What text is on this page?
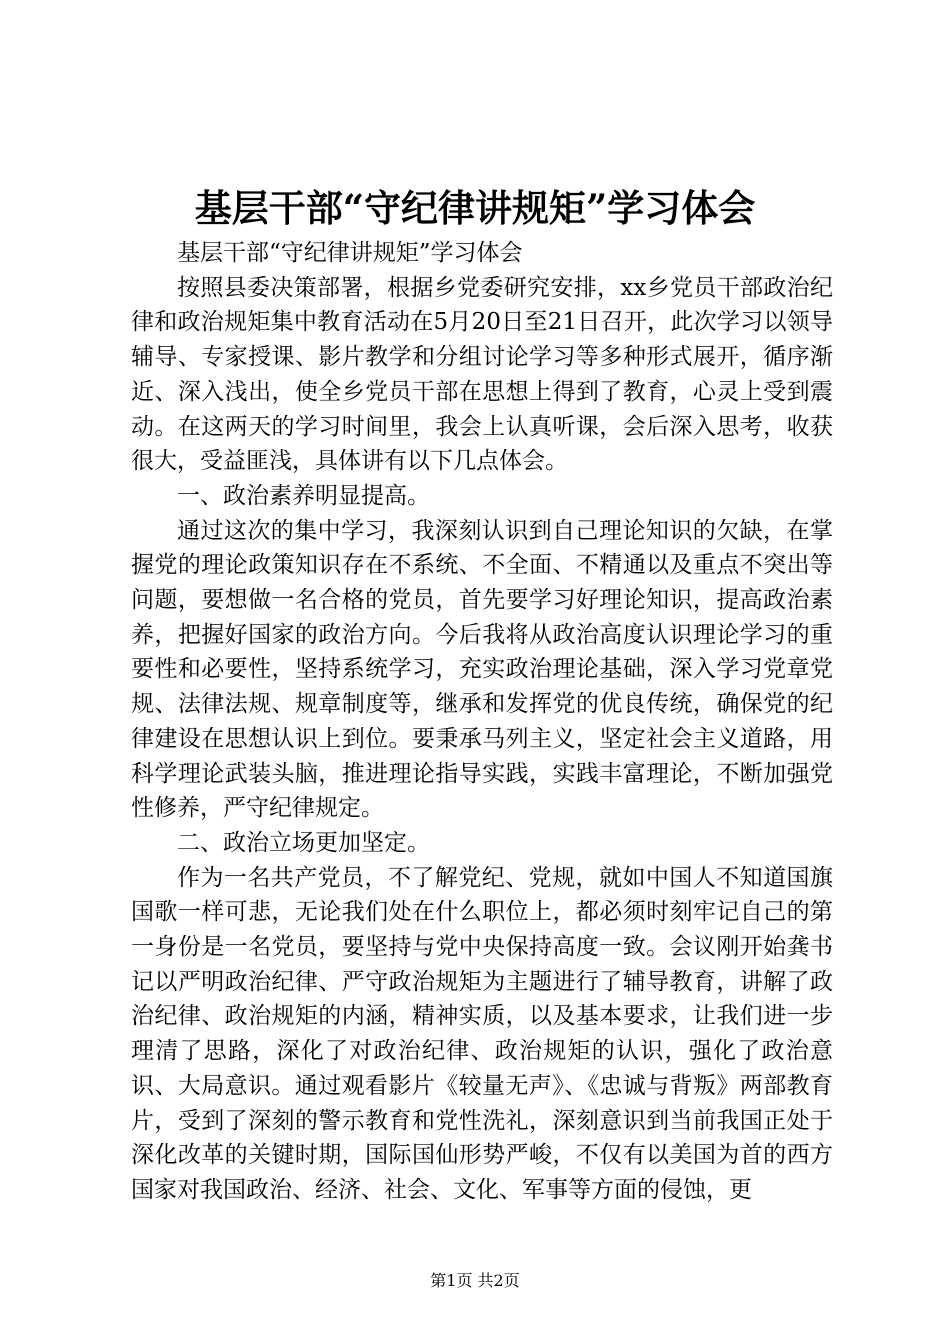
基层干部“守纪律讲规矩”学习体会

基层干部“守纪律讲规矩”学习体会

按照县委决策部署，根据乡党委研究安排，xx乡党员干部政治纪律和政治规矩集中教育活动在5月20日至21日召开，此次学习以领导辅导、专家授课、影片教学和分组讨论学习等多种形式展开，循序渐近、深入浅出，使全乡党员干部在思想上得到了教育，心灵上受到震动。在这两天的学习时间里，我会上认真听课，会后深入思考，收获很大，受益匪浅，具体讲有以下几点体会。

一、政治素养明显提高。

通过这次的集中学习，我深刻认识到自己理论知识的欠缺，在掌握党的理论政策知识存在不系统、不全面、不精通以及重点不突出等问题，要想做一名合格的党员，首先要学习好理论知识，提高政治素养，把握好国家的政治方向。今后我将从政治高度认识理论学习的重要性和必要性，坚持系统学习，充实政治理论基础，深入学习党章党规、法律法规、规章制度等，继承和发挥党的优良传统，确保党的纪律建设在思想认识上到位。要秉承马列主义，坚定社会主义道路，用科学理论武装头脑，推进理论指导实践，实践丰富理论，不断加强党性修养，严守纪律规定。

二、政治立场更加坚定。

作为一名共产党员，不了解党纪、党规，就如中国人不知道国旗国歌一样可悲，无论我们处在什么职位上，都必须时刻牢记自己的第一身份是一名党员，要坚持与党中央保持高度一致。会议刚开始龚书记以严明政治纪律、严守政治规矩为主题进行了辅导教育，讲解了政治纪律、政治规矩的内涵，精神实质，以及基本要求，让我们进一步理清了思路，深化了对政治纪律、政治规矩的认识，强化了政治意识、大局意识。通过观看影片《较量无声》、《忠诚与背叛》两部教育片，受到了深刻的警示教育和党性洗礼，深刻意识到当前我国正处于深化改革的关键时期，国际国仙形势严峻，不仅有以美国为首的西方国家对我国政治、经济、社会、文化、军事等方面的侵蚀，更

第1页 共2页
